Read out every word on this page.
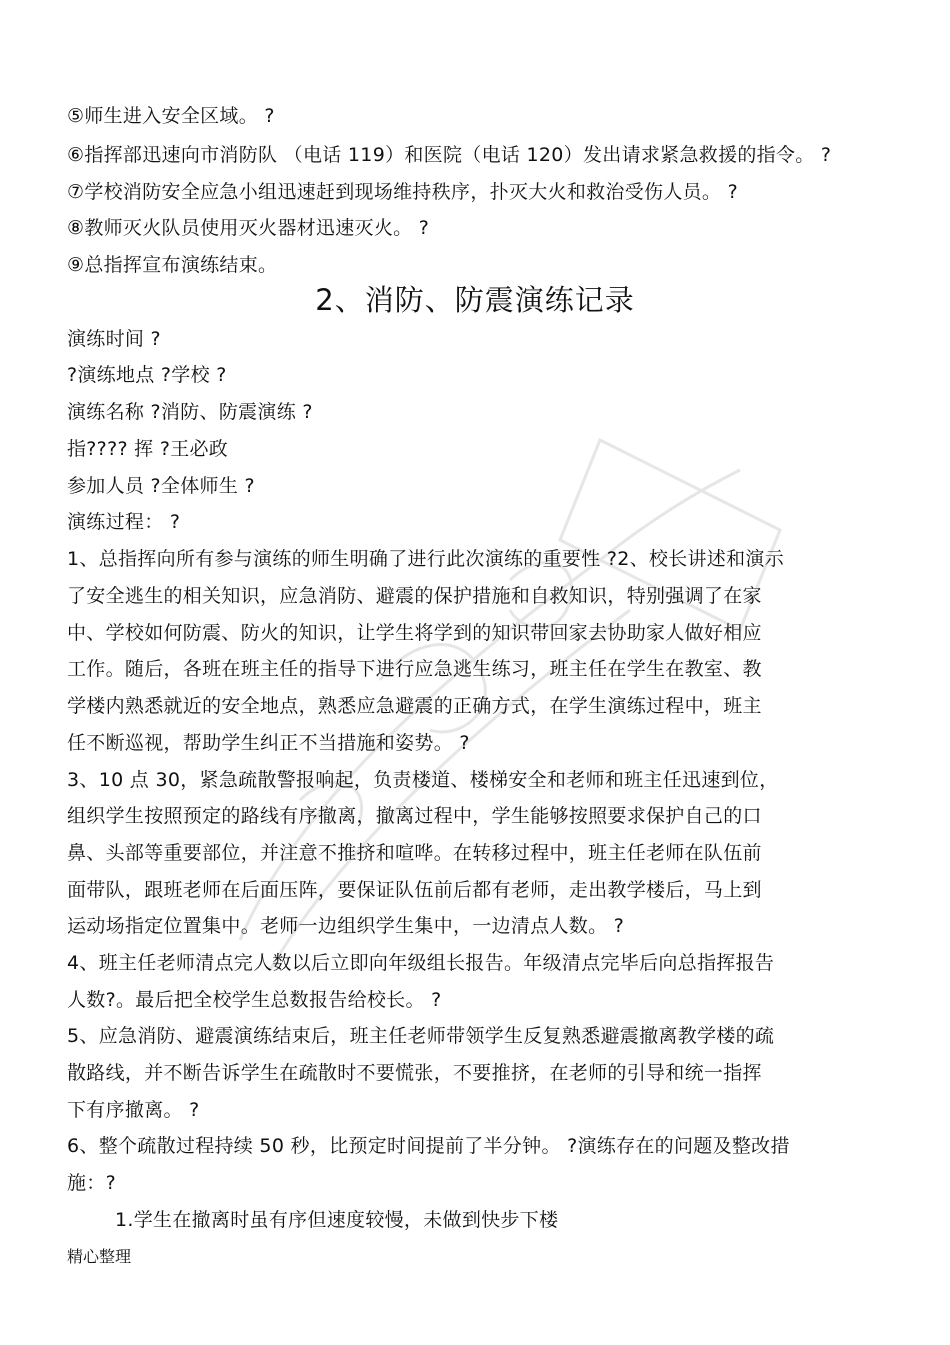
⑤师生进入安全区域。 ?
⑥指挥部迅速向市消防队 （电话 119）和医院（电话 120）发出请求紧急救援的指令。 ?
⑦学校消防安全应急小组迅速赶到现场维持秩序，扑灭大火和救治受伤人员。 ?
⑧教师灭火队员使用灭火器材迅速灭火。 ?
⑨总指挥宣布演练结束。
2、消防、防震演练记录
演练时间 ?
?演练地点 ?学校 ?
演练名称 ?消防、防震演练 ?
指???? 挥 ?王必政
参加人员 ?全体师生 ?
演练过程： ?
1、总指挥向所有参与演练的师生明确了进行此次演练的重要性 ?2、校长讲述和演示
了安全逃生的相关知识，应急消防、避震的保护措施和自救知识，特别强调了在家
中、学校如何防震、防火的知识，让学生将学到的知识带回家去协助家人做好相应
工作。随后，各班在班主任的指导下进行应急逃生练习，班主任在学生在教室、教
学楼内熟悉就近的安全地点，熟悉应急避震的正确方式，在学生演练过程中，班主
任不断巡视，帮助学生纠正不当措施和姿势。 ?
3、10 点 30，紧急疏散警报响起，负责楼道、楼梯安全和老师和班主任迅速到位，
组织学生按照预定的路线有序撤离，撤离过程中，学生能够按照要求保护自己的口
鼻、头部等重要部位，并注意不推挤和喧哗。在转移过程中，班主任老师在队伍前
面带队，跟班老师在后面压阵，要保证队伍前后都有老师，走出教学楼后，马上到
运动场指定位置集中。老师一边组织学生集中，一边清点人数。 ?
4、班主任老师清点完人数以后立即向年级组长报告。年级清点完毕后向总指挥报告
人数?。最后把全校学生总数报告给校长。 ?
5、应急消防、避震演练结束后，班主任老师带领学生反复熟悉避震撤离教学楼的疏
散路线，并不断告诉学生在疏散时不要慌张，不要推挤，在老师的引导和统一指挥
下有序撤离。 ?
6、整个疏散过程持续 50 秒，比预定时间提前了半分钟。 ?演练存在的问题及整改措
施：?
1.学生在撤离时虽有序但速度较慢，未做到快步下楼
精心整理
